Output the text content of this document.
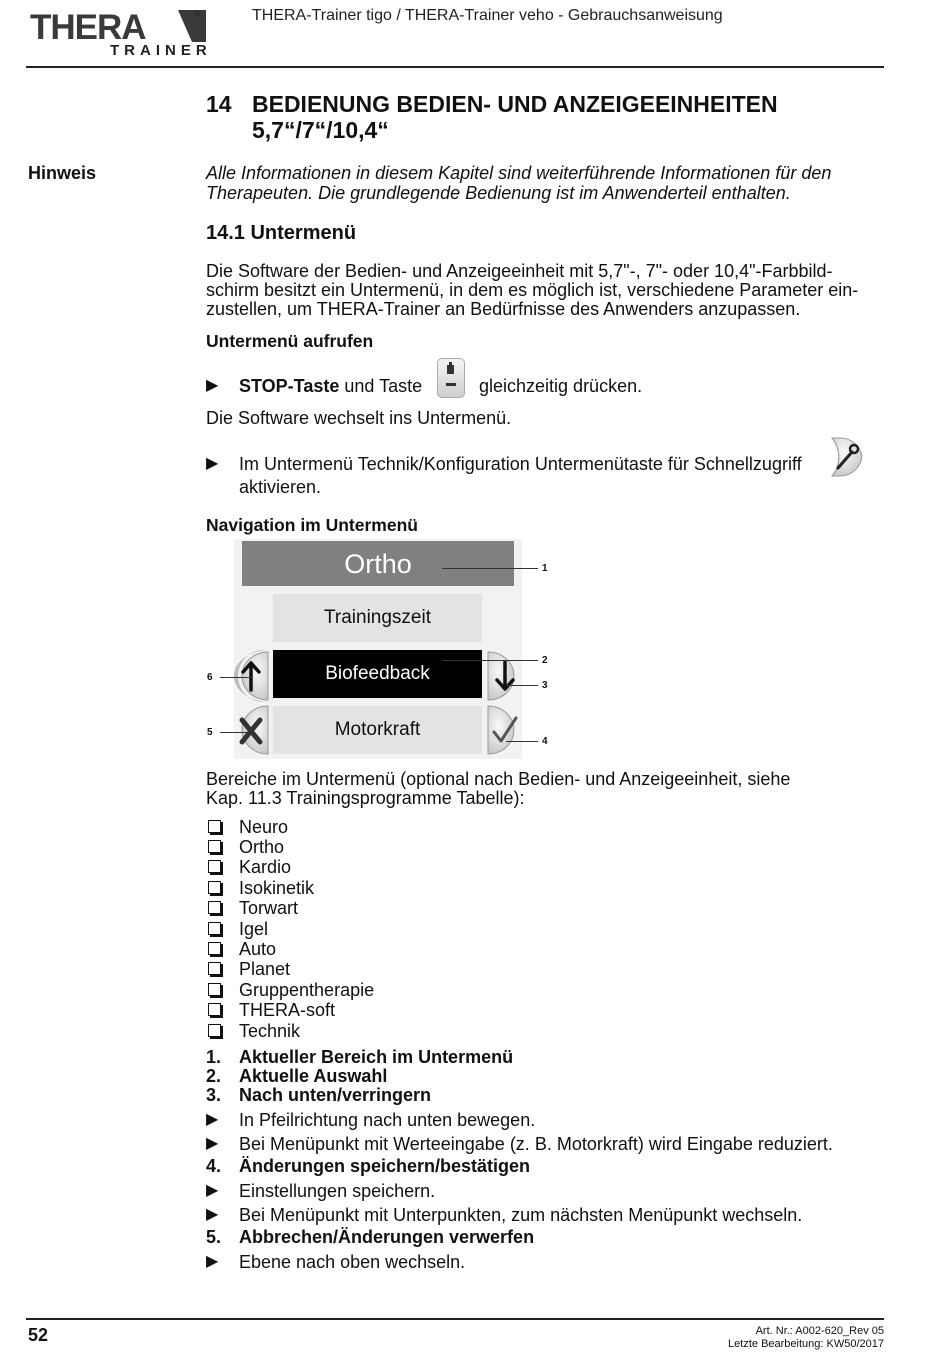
THERA	®
TRAINER
THERA-Trainer tigo / THERA-Trainer veho - Gebrauchsanweisung
14 BEDIENUNG BEDIEN- UND ANZEIGEEINHEITEN
5,7“/7“/10,4“
Hinweis	Alle Informationen in diesem Kapitel sind weiterführende Informationen für den
Therapeuten. Die grundlegende Bedienung ist im Anwenderteil enthalten.
14.1 Untermenü
Die Software der Bedien- und Anzeigeeinheit mit 5,7"-, 7"- oder 10,4"-Farbbild-
schirm besitzt ein Untermenü, in dem es möglich ist, verschiedene Parameter ein-
zustellen, um THERA-Trainer an Bedürfnisse des Anwenders anzupassen.
Untermenü aufrufen
▶ STOP-Taste und Taste	gleichzeitig drücken.
Die Software wechselt ins Untermenü.
▶ Im Untermenü Technik/Konfiguration Untermenütaste für Schnellzugriff
aktivieren.
Navigation im Untermenü
Ortho
Trainingszeit
Biofeedback
Motorkraft
1
2
3
4
5
6
Bereiche im Untermenü (optional nach Bedien- und Anzeigeeinheit, siehe
Kap. 11.3 Trainingsprogramme Tabelle):
Neuro
Ortho
Kardio
Isokinetik
Torwart
Igel
Auto
Planet
Gruppentherapie
THERA-soft
Technik
1. Aktueller Bereich im Untermenü
2. Aktuelle Auswahl
3. Nach unten/verringern
▶ In Pfeilrichtung nach unten bewegen.
▶ Bei Menüpunkt mit Werteeingabe (z. B. Motorkraft) wird Eingabe reduziert.
4. Änderungen speichern/bestätigen
▶ Einstellungen speichern.
▶ Bei Menüpunkt mit Unterpunkten, zum nächsten Menüpunkt wechseln.
5. Abbrechen/Änderungen verwerfen
▶ Ebene nach oben wechseln.
52	Art. Nr.: A002-620_Rev 05
Letzte Bearbeitung: KW50/2017
